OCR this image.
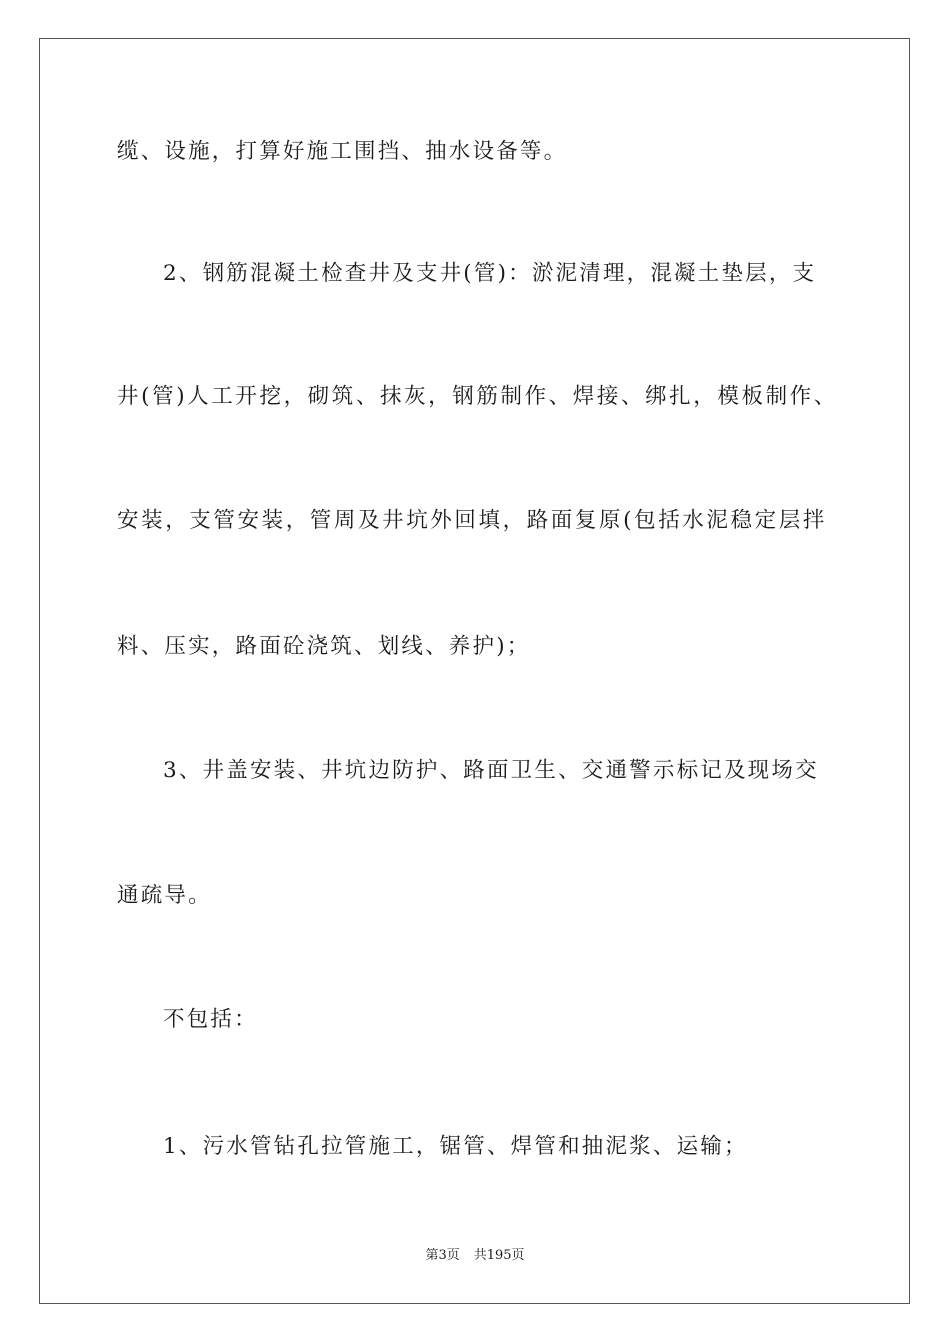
缆、设施，打算好施工围挡、抽水设备等。
2、钢筋混凝土检查井及支井(管)：淤泥清理，混凝土垫层，支
井(管)人工开挖，砌筑、抹灰，钢筋制作、焊接、绑扎，模板制作、
安装，支管安装，管周及井坑外回填，路面复原(包括水泥稳定层拌
料、压实，路面砼浇筑、划线、养护)；
3、井盖安装、井坑边防护、路面卫生、交通警示标记及现场交
通疏导。
不包括：
1、污水管钻孔拉管施工，锯管、焊管和抽泥浆、运输；
第3页 共195页
